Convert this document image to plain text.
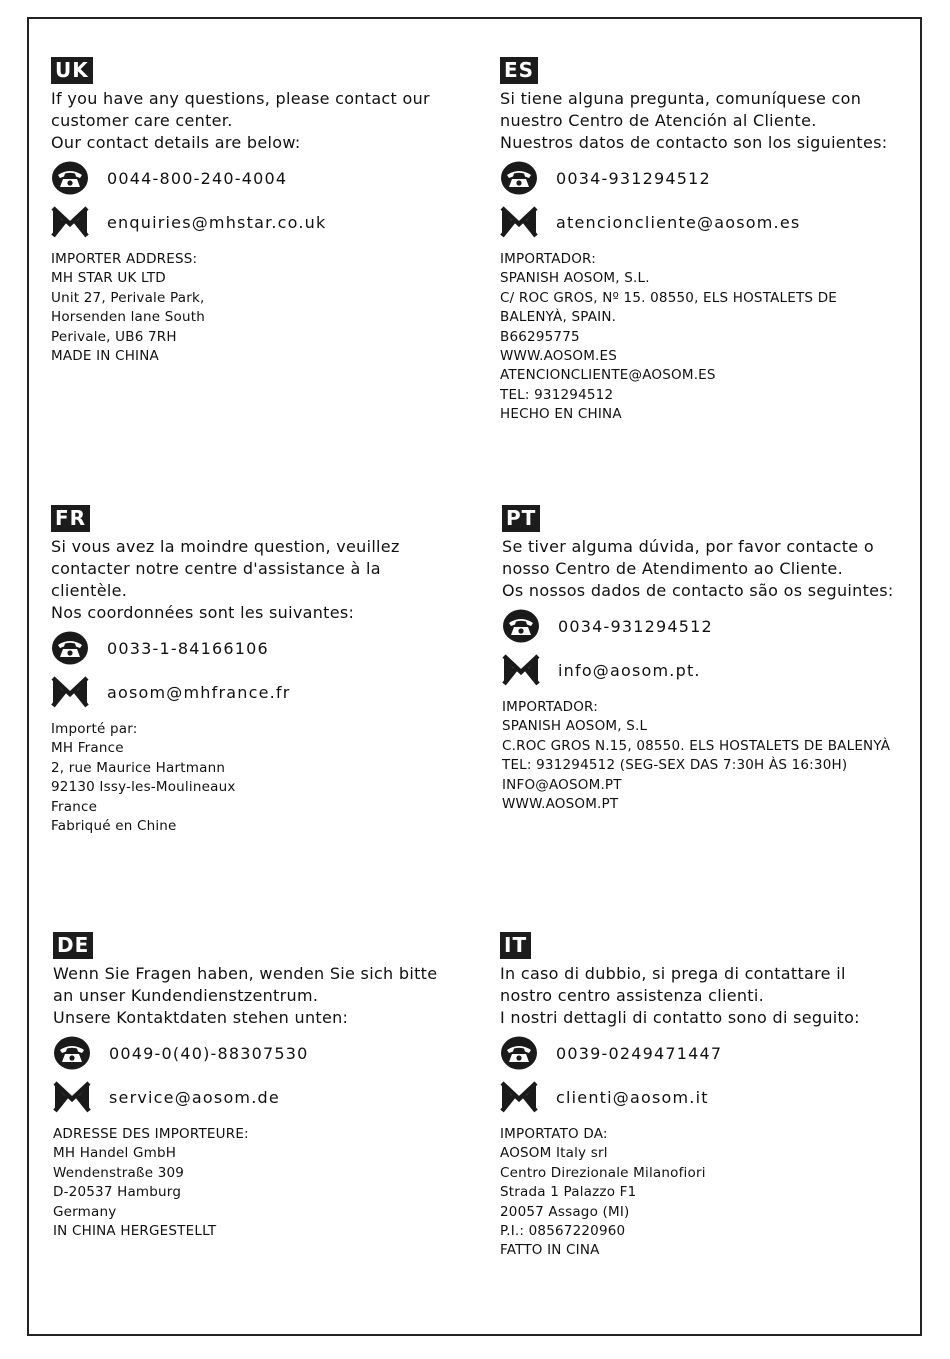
UK
If you have any questions, please contact our
customer care center.
Our contact details are below:
0044-800-240-4004
enquiries@mhstar.co.uk
IMPORTER ADDRESS:
MH STAR UK LTD
Unit 27, Perivale Park,
Horsenden lane South
Perivale, UB6 7RH
MADE IN CHINA
ES
Si tiene alguna pregunta, comuníquese con
nuestro Centro de Atención al Cliente.
Nuestros datos de contacto son los siguientes:
0034-931294512
atencioncliente@aosom.es
IMPORTADOR:
SPANISH AOSOM, S.L.
C/ ROC GROS, Nº 15. 08550, ELS HOSTALETS DE
BALENYÀ, SPAIN.
B66295775
WWW.AOSOM.ES
ATENCIONCLIENTE@AOSOM.ES
TEL: 931294512
HECHO EN CHINA
FR
Si vous avez la moindre question, veuillez
contacter notre centre d'assistance à la
clientèle.
Nos coordonnées sont les suivantes:
0033-1-84166106
aosom@mhfrance.fr
Importé par:
MH France
2, rue Maurice Hartmann
92130 Issy-les-Moulineaux
France
Fabriqué en Chine
PT
Se tiver alguma dúvida, por favor contacte o
nosso Centro de Atendimento ao Cliente.
Os nossos dados de contacto são os seguintes:
0034-931294512
info@aosom.pt.
IMPORTADOR:
SPANISH AOSOM, S.L
C.ROC GROS N.15, 08550. ELS HOSTALETS DE BALENYÀ
TEL: 931294512 (SEG-SEX DAS 7:30H ÀS 16:30H)
INFO@AOSOM.PT
WWW.AOSOM.PT
DE
Wenn Sie Fragen haben, wenden Sie sich bitte
an unser Kundendienstzentrum.
Unsere Kontaktdaten stehen unten:
0049-0(40)-88307530
service@aosom.de
ADRESSE DES IMPORTEURE:
MH Handel GmbH
Wendenstraße 309
D-20537 Hamburg
Germany
IN CHINA HERGESTELLT
IT
In caso di dubbio, si prega di contattare il
nostro centro assistenza clienti.
I nostri dettagli di contatto sono di seguito:
0039-0249471447
clienti@aosom.it
IMPORTATO DA:
AOSOM Italy srl
Centro Direzionale Milanofiori
Strada 1 Palazzo F1
20057 Assago (MI)
P.I.: 08567220960
FATTO IN CINA
